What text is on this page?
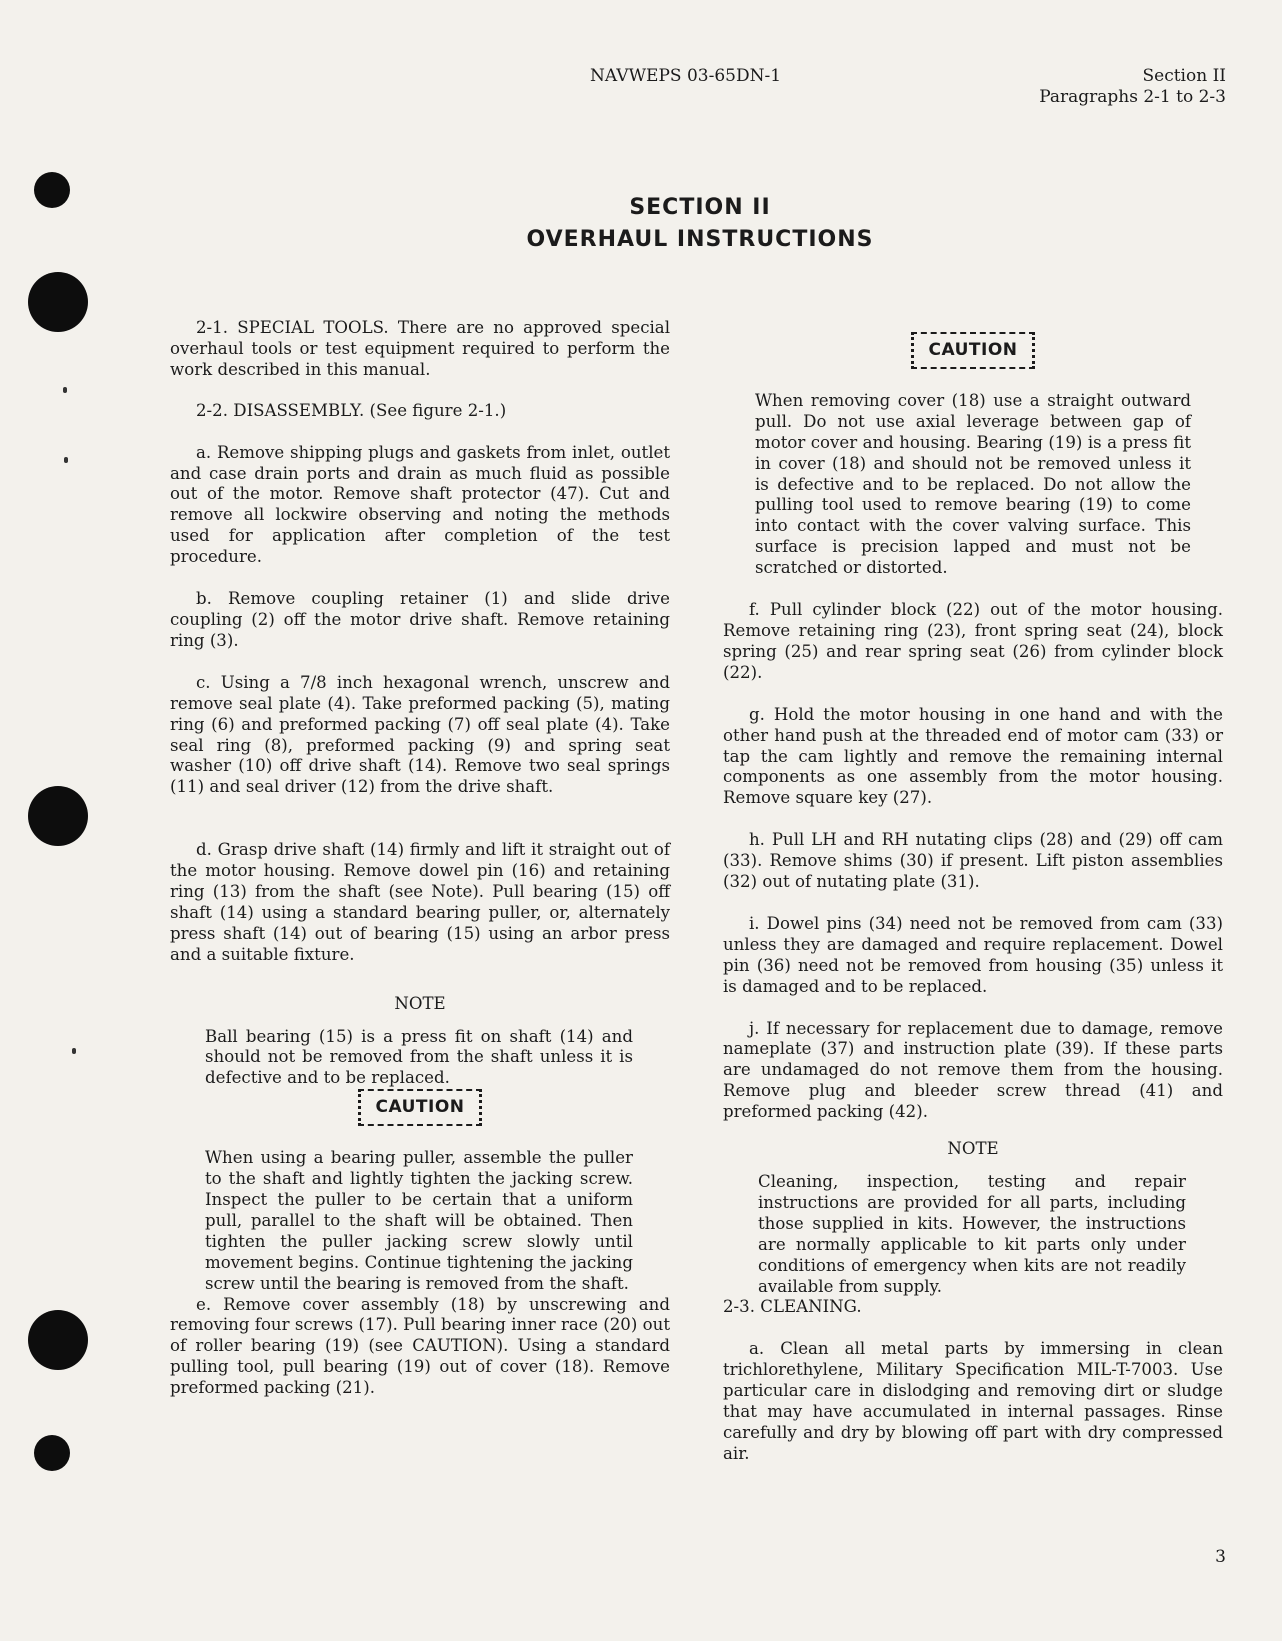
NAVWEPS 03-65DN-1	Section II
Paragraphs 2-1 to 2-3
SECTION II
OVERHAUL INSTRUCTIONS

2-1. SPECIAL TOOLS. There are no approved special overhaul tools or test equipment required to perform the work described in this manual.

2-2. DISASSEMBLY. (See figure 2-1.)

a. Remove shipping plugs and gaskets from inlet, outlet and case drain ports and drain as much fluid as possible out of the motor. Remove shaft protector (47). Cut and remove all lockwire observing and noting the methods used for application after completion of the test procedure.

b. Remove coupling retainer (1) and slide drive coupling (2) off the motor drive shaft. Remove retaining ring (3).

c. Using a 7/8 inch hexagonal wrench, unscrew and remove seal plate (4). Take preformed packing (5), mating ring (6) and preformed packing (7) off seal plate (4). Take seal ring (8), preformed packing (9) and spring seat washer (10) off drive shaft (14). Remove two seal springs (11) and seal driver (12) from the drive shaft.

d. Grasp drive shaft (14) firmly and lift it straight out of the motor housing. Remove dowel pin (16) and retaining ring (13) from the shaft (see Note). Pull bearing (15) off shaft (14) using a standard bearing puller, or, alternately press shaft (14) out of bearing (15) using an arbor press and a suitable fixture.

NOTE

Ball bearing (15) is a press fit on shaft (14) and should not be removed from the shaft unless it is defective and to be replaced.

CAUTION

When using a bearing puller, assemble the puller to the shaft and lightly tighten the jacking screw. Inspect the puller to be certain that a uniform pull, parallel to the shaft will be obtained. Then tighten the puller jacking screw slowly until movement begins. Continue tightening the jacking screw until the bearing is removed from the shaft.

e. Remove cover assembly (18) by unscrewing and removing four screws (17). Pull bearing inner race (20) out of roller bearing (19) (see CAUTION). Using a standard pulling tool, pull bearing (19) out of cover (18). Remove preformed packing (21).

CAUTION

When removing cover (18) use a straight outward pull. Do not use axial leverage between gap of motor cover and housing. Bearing (19) is a press fit in cover (18) and should not be removed unless it is defective and to be replaced. Do not allow the pulling tool used to remove bearing (19) to come into contact with the cover valving surface. This surface is precision lapped and must not be scratched or distorted.

f. Pull cylinder block (22) out of the motor housing. Remove retaining ring (23), front spring seat (24), block spring (25) and rear spring seat (26) from cylinder block (22).

g. Hold the motor housing in one hand and with the other hand push at the threaded end of motor cam (33) or tap the cam lightly and remove the remaining internal components as one assembly from the motor housing. Remove square key (27).

h. Pull LH and RH nutating clips (28) and (29) off cam (33). Remove shims (30) if present. Lift piston assemblies (32) out of nutating plate (31).

i. Dowel pins (34) need not be removed from cam (33) unless they are damaged and require replacement. Dowel pin (36) need not be removed from housing (35) unless it is damaged and to be replaced.

j. If necessary for replacement due to damage, remove nameplate (37) and instruction plate (39). If these parts are undamaged do not remove them from the housing. Remove plug and bleeder screw thread (41) and preformed packing (42).

NOTE

Cleaning, inspection, testing and repair instructions are provided for all parts, including those supplied in kits. However, the instructions are normally applicable to kit parts only under conditions of emergency when kits are not readily available from supply.

2-3. CLEANING.

a. Clean all metal parts by immersing in clean trichlorethylene, Military Specification MIL-T-7003. Use particular care in dislodging and removing dirt or sludge that may have accumulated in internal passages. Rinse carefully and dry by blowing off part with dry compressed air.

3
